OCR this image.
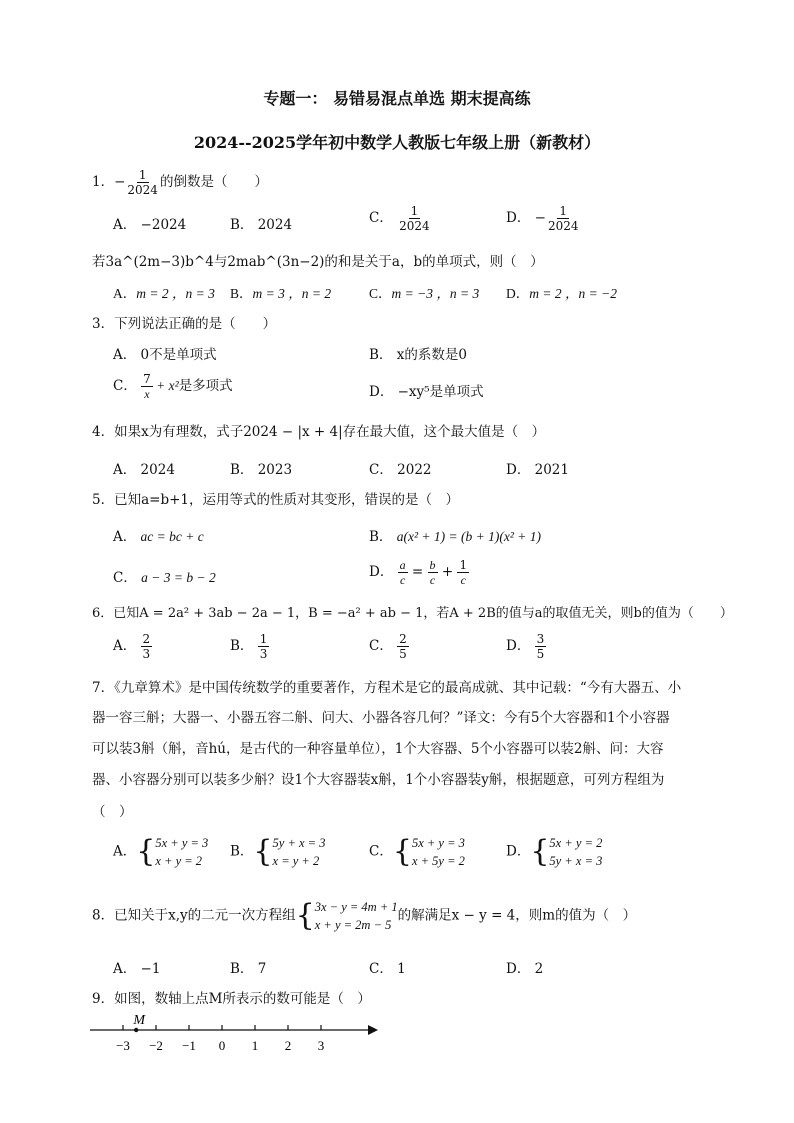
专题一： 易错易混点单选 期末提高练
2024--2025学年初中数学人教版七年级上册（新教材）
1．− $\frac{1}{2024}$ 的倒数是（　　）
A． −2024	B． 2024	C． $\frac{1}{2024}$	D． − $\frac{1}{2024}$
若3a^(2m−3)b^4与2mab^(3n−2)的和是关于a，b的单项式，则（　）
A．m = 2 ，n = 3 B．m = 3 ，n = 2	C．m = −3 ，n = 3 D．m = 2 ，n = −2
3．下列说法正确的是（　　）
A． 0不是单项式	B． x的系数是0
C． $\frac{7}{x} + x^2$是多项式	D． −xy⁵是单项式
4．如果x为有理数，式子2024 − |x + 4|存在最大值，这个最大值是（　）
A． 2024	B． 2023	C． 2022	D． 2021
5．已知a=b+1，运用等式的性质对其变形，错误的是（　）
A． ac = bc + c	B． a(x² + 1) = (b + 1)(x² + 1)
C． a − 3 = b − 2	D． $\frac{a}{c} = \frac{b}{c} + \frac{1}{c}$
6．已知A = 2a² + 3ab − 2a − 1，B = −a² + ab − 1，若A + 2B的值与a的取值无关，则b的值为（　　）
A． $\frac{2}{3}$	B． $\frac{1}{3}$	C． $\frac{2}{5}$	D． $\frac{3}{5}$
7．《九章算术》是中国传统数学的重要著作，方程术是它的最高成就、其中记载：“今有大器五、小
器一容三斛；大器一、小器五容二斛、问大、小器各容几何？”译文：今有5个大容器和1个小容器
可以装3斛（斛，音hú，是古代的一种容量单位），1个大容器、5个小容器可以装2斛、问：大容
器、小容器分别可以装多少斛？设1个大容器装x斛，1个小容器装y斛，根据题意，可列方程组为
（　）
A． { 5x + y = 3
x + y = 2
B． { 5y + x = 3
x = y + 2
C． { 5x + y = 3
x + 5y = 2
D． { 5x + y = 2
5y + x = 3
8．已知关于x,y的二元一次方程组 { 3x − y = 4m + 1
x + y = 2m − 5
的解满足x − y = 4，则m的值为（　）
A． −1	B． 7	C． 1	D． 2
9．如图，数轴上点M所表示的数可能是（　）
−3 −2 −1 0 1 2 3
M
